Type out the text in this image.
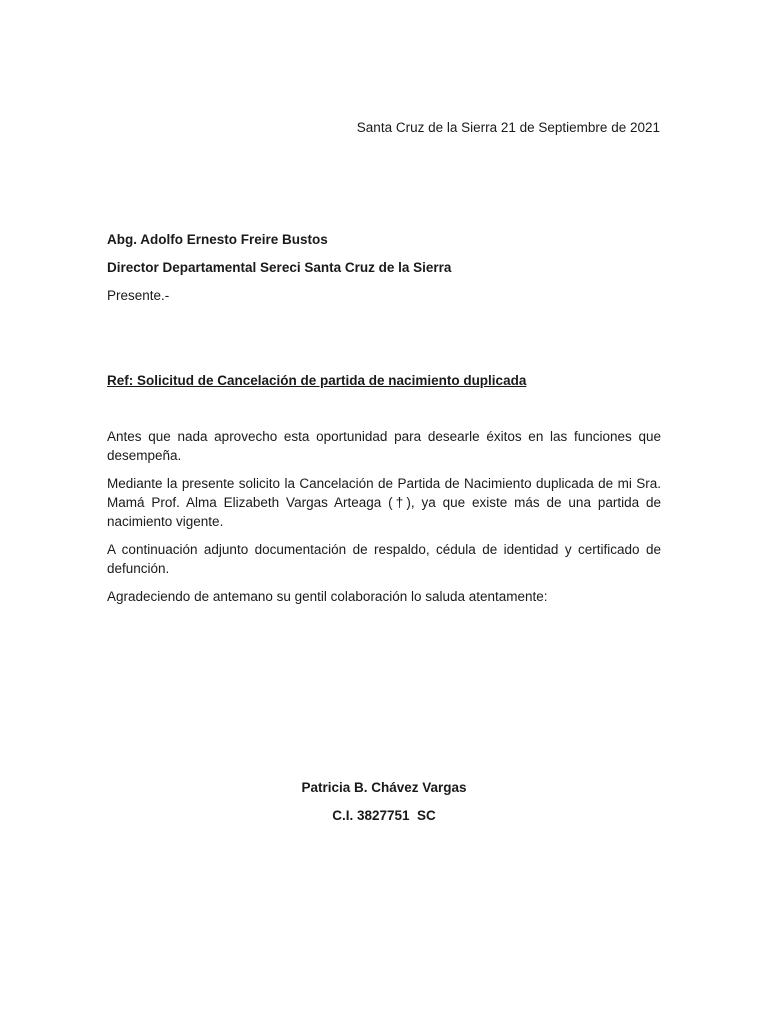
Santa Cruz de la Sierra 21 de Septiembre de 2021
Abg. Adolfo Ernesto Freire Bustos
Director Departamental Sereci Santa Cruz de la Sierra
Presente.-
Ref: Solicitud de Cancelación de partida de nacimiento duplicada

Antes que nada aprovecho esta oportunidad para desearle éxitos en las funciones que desempeña.

Mediante la presente solicito la Cancelación de Partida de Nacimiento duplicada de mi Sra. Mamá Prof. Alma Elizabeth Vargas Arteaga (†), ya que existe más de una partida de nacimiento vigente.

A continuación adjunto documentación de respaldo, cédula de identidad y certificado de defunción.

Agradeciendo de antemano su gentil colaboración lo saluda atentamente:

Patricia B. Chávez Vargas
C.I. 3827751  SC
